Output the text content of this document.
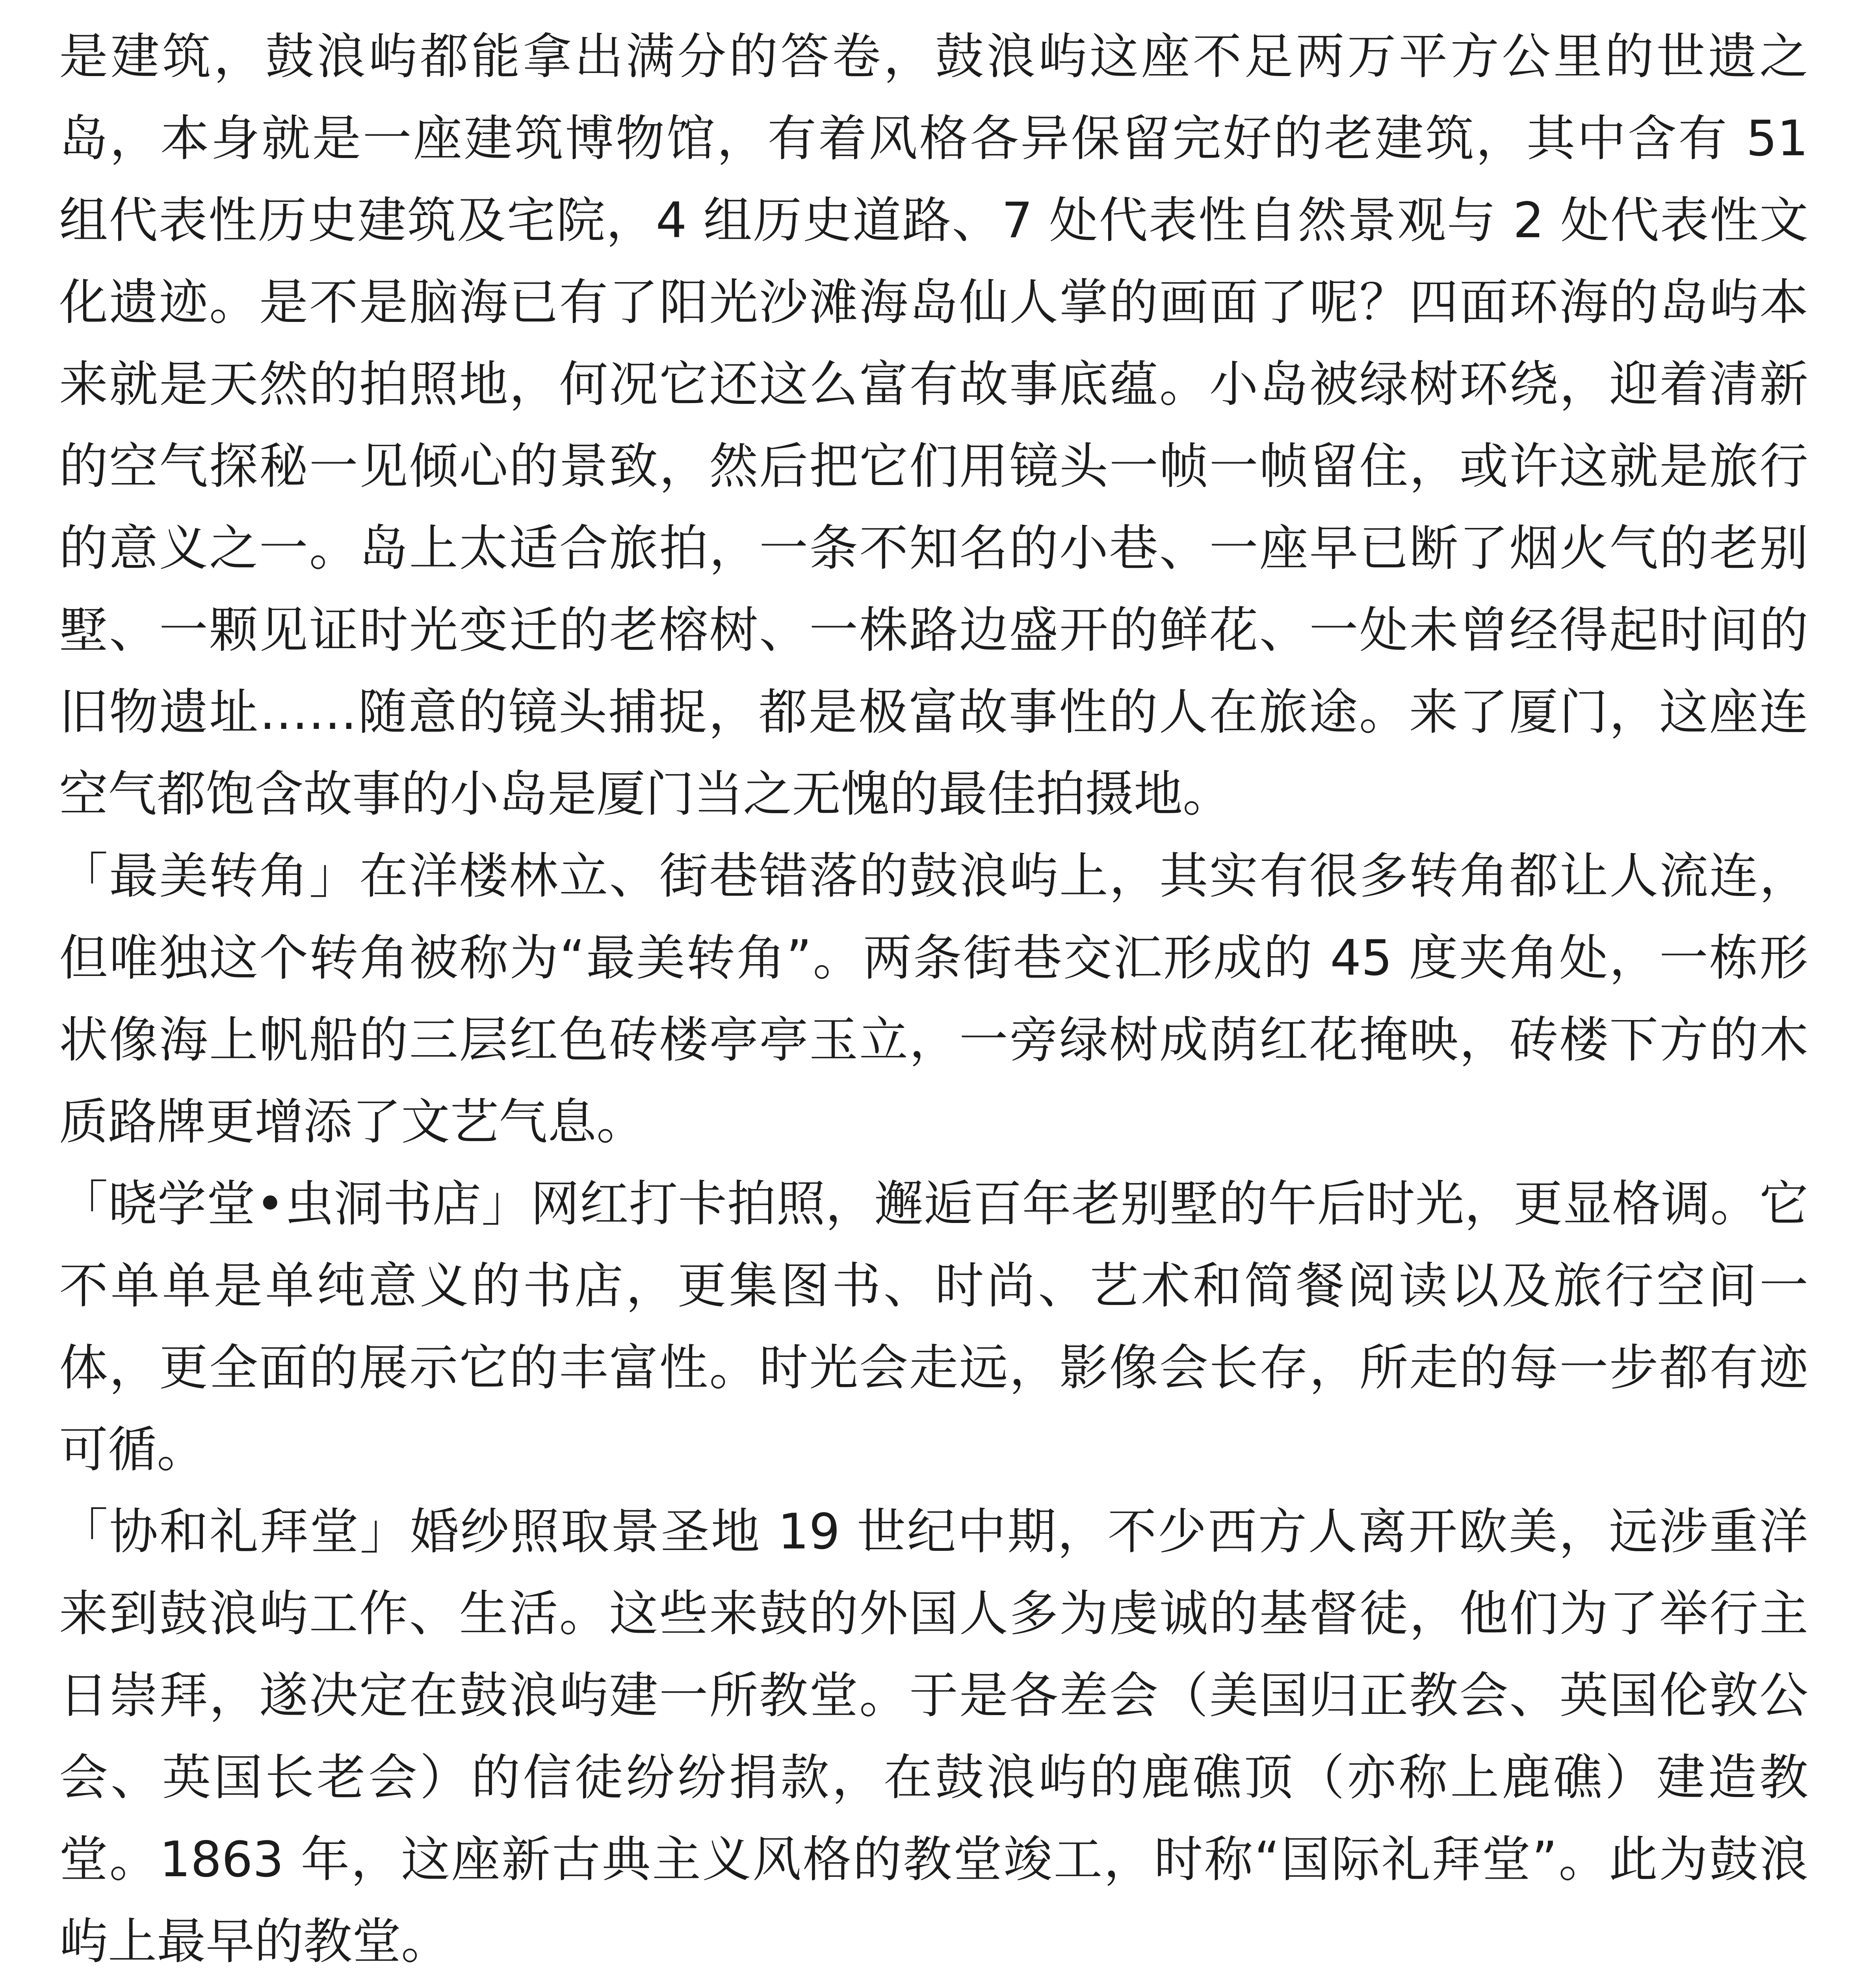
是建筑，鼓浪屿都能拿出满分的答卷，鼓浪屿这座不足两万平方公里的世遗之岛，本身就是一座建筑博物馆，有着风格各异保留完好的老建筑，其中含有 51 组代表性历史建筑及宅院，4 组历史道路、7 处代表性自然景观与 2 处代表性文化遗迹。是不是脑海已有了阳光沙滩海岛仙人掌的画面了呢？四面环海的岛屿本来就是天然的拍照地，何况它还这么富有故事底蕴。小岛被绿树环绕，迎着清新的空气探秘一见倾心的景致，然后把它们用镜头一帧一帧留住，或许这就是旅行的意义之一。岛上太适合旅拍，一条不知名的小巷、一座早已断了烟火气的老别墅、一颗见证时光变迁的老榕树、一株路边盛开的鲜花、一处未曾经得起时间的旧物遗址……随意的镜头捕捉，都是极富故事性的人在旅途。来了厦门，这座连空气都饱含故事的小岛是厦门当之无愧的最佳拍摄地。

「最美转角」在洋楼林立、街巷错落的鼓浪屿上，其实有很多转角都让人流连，但唯独这个转角被称为“最美转角”。两条街巷交汇形成的 45 度夹角处，一栋形状像海上帆船的三层红色砖楼亭亭玉立，一旁绿树成荫红花掩映，砖楼下方的木质路牌更增添了文艺气息。

「晓学堂•虫洞书店」网红打卡拍照，邂逅百年老别墅的午后时光，更显格调。它不单单是单纯意义的书店，更集图书、时尚、艺术和简餐阅读以及旅行空间一体，更全面的展示它的丰富性。时光会走远，影像会长存，所走的每一步都有迹可循。

「协和礼拜堂」婚纱照取景圣地 19 世纪中期，不少西方人离开欧美，远涉重洋来到鼓浪屿工作、生活。这些来鼓的外国人多为虔诚的基督徒，他们为了举行主日崇拜，遂决定在鼓浪屿建一所教堂。于是各差会（美国归正教会、英国伦敦公会、英国长老会）的信徒纷纷捐款，在鼓浪屿的鹿礁顶（亦称上鹿礁）建造教堂。1863 年，这座新古典主义风格的教堂竣工，时称“国际礼拜堂”。此为鼓浪屿上最早的教堂。
